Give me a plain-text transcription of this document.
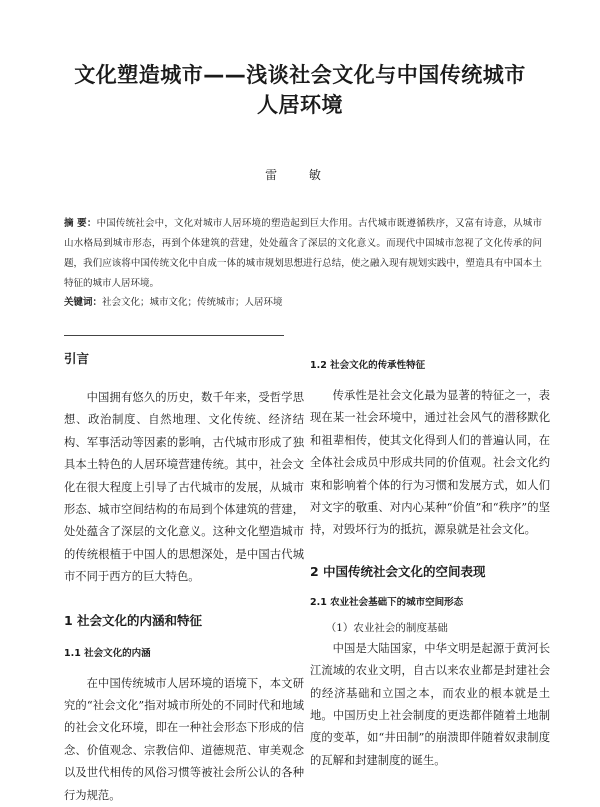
文化塑造城市——浅谈社会文化与中国传统城市
人居环境
雷 敏
摘 要：中国传统社会中，文化对城市人居环境的塑造起到巨大作用。古代城市既遵循秩序，又富有诗意，从城市山水格局到城市形态，再到个体建筑的营建，处处蕴含了深层的文化意义。而现代中国城市忽视了文化传承的问题，我们应该将中国传统文化中自成一体的城市规划思想进行总结，使之融入现有规划实践中，塑造具有中国本土特征的城市人居环境。
关键词：社会文化；城市文化；传统城市；人居环境
引言

中国拥有悠久的历史，数千年来，受哲学思想、政治制度、自然地理、文化传统、经济结构、军事活动等因素的影响，古代城市形成了独具本土特色的人居环境营建传统。其中，社会文化在很大程度上引导了古代城市的发展，从城市形态、城市空间结构的布局到个体建筑的营建，处处蕴含了深层的文化意义。这种文化塑造城市的传统根植于中国人的思想深处，是中国古代城市不同于西方的巨大特色。

1 社会文化的内涵和特征
1.1 社会文化的内涵

在中国传统城市人居环境的语境下，本文研究的“社会文化”指对城市所处的不同时代和地域的社会文化环境，即在一种社会形态下形成的信念、价值观念、宗教信仰、道德规范、审美观念以及世代相传的风俗习惯等被社会所公认的各种行为规范。

1.2 社会文化的传承性特征

传承性是社会文化最为显著的特征之一，表现在某一社会环境中，通过社会风气的潜移默化和祖辈相传，使其文化得到人们的普遍认同，在全体社会成员中形成共同的价值观。社会文化约束和影响着个体的行为习惯和发展方式，如人们对文字的敬重、对内心某种“价值”和“秩序”的坚持，对毁坏行为的抵抗，源泉就是社会文化。

2 中国传统社会文化的空间表现
2.1 农业社会基础下的城市空间形态
（1）农业社会的制度基础

中国是大陆国家，中华文明是起源于黄河长江流域的农业文明，自古以来农业都是封建社会的经济基础和立国之本，而农业的根本就是土地。中国历史上社会制度的更迭都伴随着土地制度的变革，如“井田制”的崩溃即伴随着奴隶制度的瓦解和封建制度的诞生。
